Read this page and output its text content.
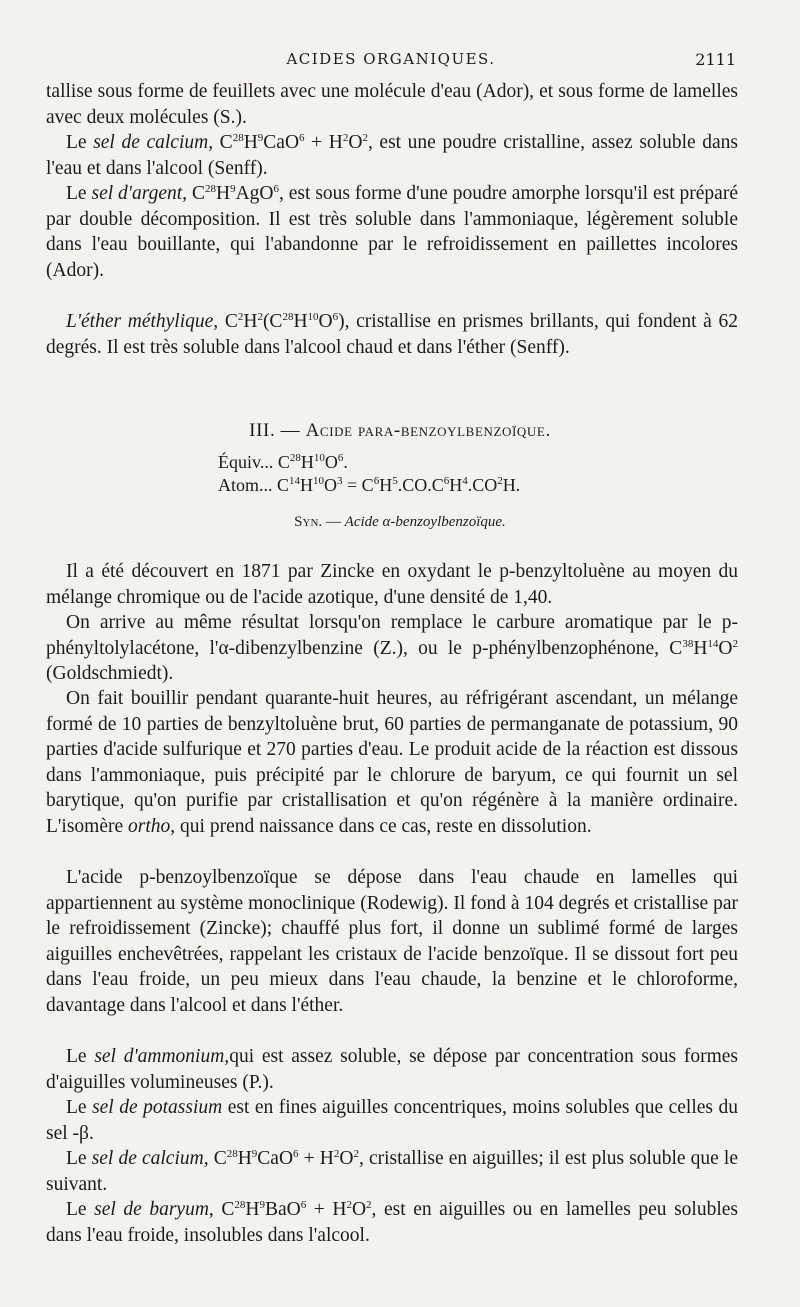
ACIDES ORGANIQUES.	2111

tallise sous forme de feuillets avec une molécule d'eau (Ador), et sous forme de lamelles avec deux molécules (S.).

Le sel de calcium, $C^{28}H^9CaO^6 + H^2O^2$, est une poudre cristalline, assez soluble dans l'eau et dans l'alcool (Senff).

Le sel d'argent, $C^{28}H^9AgO^6$, est sous forme d'une poudre amorphe lorsqu'il est préparé par double décomposition. Il est très soluble dans l'ammoniaque, légèrement soluble dans l'eau bouillante, qui l'abandonne par le refroidissement en paillettes incolores (Ador).

L'éther méthylique, $C^2H^2(C^{28}H^{10}O^6)$, cristallise en prismes brillants, qui fondent à 62 degrés. Il est très soluble dans l'alcool chaud et dans l'éther (Senff).

III. — Acide para-benzoylbenzoïque.
Équiv... $C^{28}H^{10}O^6$.
Atom... $C^{14}H^{10}O^3 = C^6H^5.CO.C^6H^4.CO^2H$.
Syn. — Acide α-benzoylbenzoïque.

Il a été découvert en 1871 par Zincke en oxydant le p-benzyltoluène au moyen du mélange chromique ou de l'acide azotique, d'une densité de 1,40.

On arrive au même résultat lorsqu'on remplace le carbure aromatique par le p-phényltolylacétone, l'α-dibenzylbenzine (Z.), ou le p-phénylbenzophénone, $C^{38}H^{14}O^2$ (Goldschmiedt).

On fait bouillir pendant quarante-huit heures, au réfrigérant ascendant, un mélange formé de 10 parties de benzyltoluène brut, 60 parties de permanganate de potassium, 90 parties d'acide sulfurique et 270 parties d'eau. Le produit acide de la réaction est dissous dans l'ammoniaque, puis précipité par le chlorure de baryum, ce qui fournit un sel barytique, qu'on purifie par cristallisation et qu'on régénère à la manière ordinaire. L'isomère ortho, qui prend naissance dans ce cas, reste en dissolution.

L'acide p-benzoylbenzoïque se dépose dans l'eau chaude en lamelles qui appartiennent au système monoclinique (Rodewig). Il fond à 104 degrés et cristallise par le refroidissement (Zincke); chauffé plus fort, il donne un sublimé formé de larges aiguilles enchevêtrées, rappelant les cristaux de l'acide benzoïque. Il se dissout fort peu dans l'eau froide, un peu mieux dans l'eau chaude, la benzine et le chloroforme, davantage dans l'alcool et dans l'éther.

Le sel d'ammonium,qui est assez soluble, se dépose par concentration sous formes d'aiguilles volumineuses (P.).

Le sel de potassium est en fines aiguilles concentriques, moins solubles que celles du sel -β.

Le sel de calcium, $C^{28}H^9CaO^6 + H^2O^2$, cristallise en aiguilles; il est plus soluble que le suivant.

Le sel de baryum, $C^{28}H^9BaO^6 + H^2O^2$, est en aiguilles ou en lamelles peu solubles dans l'eau froide, insolubles dans l'alcool.
